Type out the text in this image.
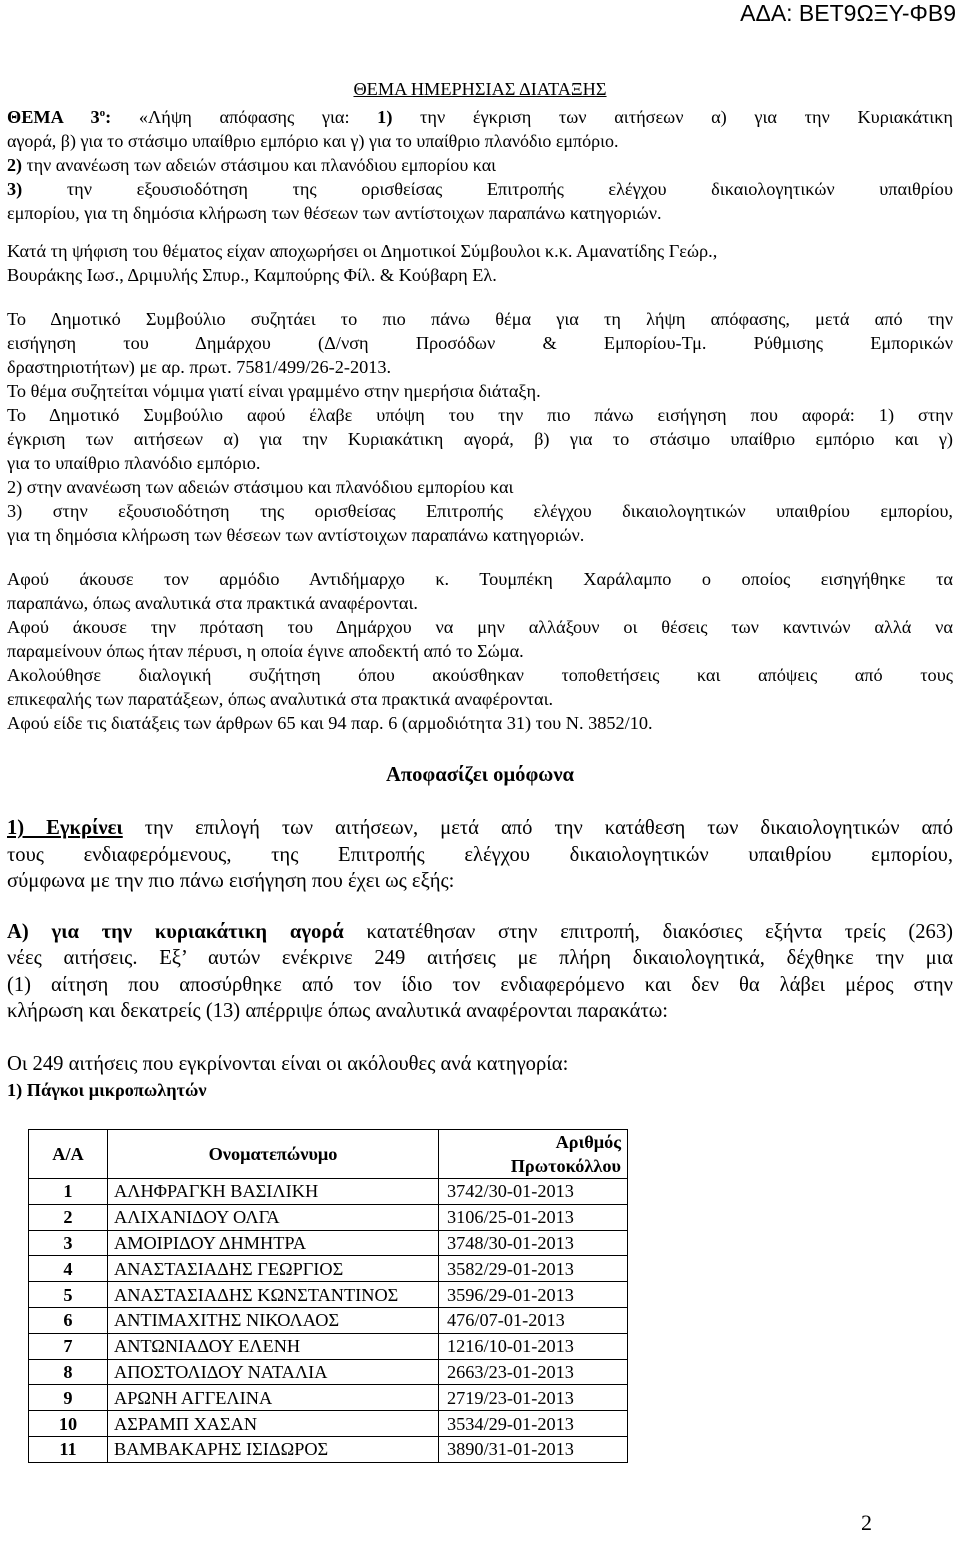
ΑΔΑ: ΒΕΤ9ΩΞΥ-ΦΒ9

ΘΕΜΑ ΗΜΕΡΗΣΙΑΣ ΔΙΑΤΑΞΗΣ

ΘΕΜΑ $3^o$: «Λήψη απόφασης για: 1) την έγκριση των αιτήσεων α) για την Κυριακάτικη

αγορά, β) για το στάσιμο υπαίθριο εμπόριο και γ) για το υπαίθριο πλανόδιο εμπόριο.

2) την ανανέωση των αδειών στάσιμου και πλανόδιου εμπορίου και

3) την εξουσιοδότηση της ορισθείσας Επιτροπής ελέγχου δικαιολογητικών υπαιθρίου

εμπορίου, για τη δημόσια κλήρωση των θέσεων των αντίστοιχων παραπάνω κατηγοριών.

Κατά τη ψήφιση του θέματος είχαν αποχωρήσει οι Δημοτικοί Σύμβουλοι κ.κ. Αμανατίδης Γεώρ.,

Βουράκης Ιωσ., Δριμυλής Σπυρ., Καμπούρης Φίλ. & Κούβαρη Ελ.

Το Δημοτικό Συμβούλιο συζητάει το πιο πάνω θέμα για τη λήψη απόφασης, μετά από την

εισήγηση του Δημάρχου (Δ/νση Προσόδων & Εμπορίου-Τμ. Ρύθμισης Εμπορικών

δραστηριοτήτων) με αρ. πρωτ. 7581/499/26-2-2013.

Το θέμα συζητείται νόμιμα γιατί είναι γραμμένο στην ημερήσια διάταξη.

Το Δημοτικό Συμβούλιο αφού έλαβε υπόψη του την πιο πάνω εισήγηση που αφορά: 1) στην

έγκριση των αιτήσεων α) για την Κυριακάτικη αγορά, β) για το στάσιμο υπαίθριο εμπόριο και γ)

για το υπαίθριο πλανόδιο εμπόριο.

2) στην ανανέωση των αδειών στάσιμου και πλανόδιου εμπορίου και

3) στην εξουσιοδότηση της ορισθείσας Επιτροπής ελέγχου δικαιολογητικών υπαιθρίου εμπορίου,

για τη δημόσια κλήρωση των θέσεων των αντίστοιχων παραπάνω κατηγοριών.

Αφού άκουσε τον αρμόδιο Αντιδήμαρχο κ. Τουμπέκη Χαράλαμπο ο οποίος εισηγήθηκε τα

παραπάνω, όπως αναλυτικά στα πρακτικά αναφέρονται.

Αφού άκουσε την πρόταση του Δημάρχου να μην αλλάξουν οι θέσεις των καντινών αλλά να

παραμείνουν όπως ήταν πέρυσι, η οποία έγινε αποδεκτή από το Σώμα.

Ακολούθησε διαλογική συζήτηση όπου ακούσθηκαν τοποθετήσεις και απόψεις από τους

επικεφαλής των παρατάξεων, όπως αναλυτικά στα πρακτικά αναφέρονται.

Αφού είδε τις διατάξεις των άρθρων 65 και 94 παρ. 6 (αρμοδιότητα 31) του Ν. 3852/10.

Αποφασίζει ομόφωνα

1) Εγκρίνει την επιλογή των αιτήσεων, μετά από την κατάθεση των δικαιολογητικών από

τους ενδιαφερόμενους, της Επιτροπής ελέγχου δικαιολογητικών υπαιθρίου εμπορίου,

σύμφωνα με την πιο πάνω εισήγηση που έχει ως εξής:

Α) για την κυριακάτικη αγορά κατατέθησαν στην επιτροπή, διακόσιες εξήντα τρείς (263)

νέες αιτήσεις. Εξ’ αυτών ενέκρινε 249 αιτήσεις με πλήρη δικαιολογητικά, δέχθηκε την μια

(1) αίτηση που αποσύρθηκε από τον ίδιο τον ενδιαφερόμενο και δεν θα λάβει μέρος στην

κλήρωση και δεκατρείς (13) απέρριψε όπως αναλυτικά αναφέρονται παρακάτω:

Οι 249 αιτήσεις που εγκρίνονται είναι οι ακόλουθες ανά κατηγορία:

1) Πάγκοι μικροπωλητών

Α/Α	Ονοματεπώνυμο	Αριθμός Πρωτοκόλλου
1	ΑΛΗΦΡΑΓΚΗ ΒΑΣΙΛΙΚΗ	3742/30-01-2013
2	ΑΛΙΧΑΝΙΔΟΥ ΟΛΓΑ	3106/25-01-2013
3	ΑΜΟΙΡΙΔΟΥ ΔΗΜΗΤΡΑ	3748/30-01-2013
4	ΑΝΑΣΤΑΣΙΑΔΗΣ ΓΕΩΡΓΙΟΣ	3582/29-01-2013
5	ΑΝΑΣΤΑΣΙΑΔΗΣ ΚΩΝΣΤΑΝΤΙΝΟΣ	3596/29-01-2013
6	ΑΝΤΙΜΑΧΙΤΗΣ ΝΙΚΟΛΑΟΣ	476/07-01-2013
7	ΑΝΤΩΝΙΑΔΟΥ ΕΛΕΝΗ	1216/10-01-2013
8	ΑΠΟΣΤΟΛΙΔΟΥ ΝΑΤΑΛΙΑ	2663/23-01-2013
9	ΑΡΩΝΗ ΑΓΓΕΛΙΝΑ	2719/23-01-2013
10	ΑΣΡΑΜΠ ΧΑΣΑΝ	3534/29-01-2013
11	ΒΑΜΒΑΚΑΡΗΣ ΙΣΙΔΩΡΟΣ	3890/31-01-2013
2
